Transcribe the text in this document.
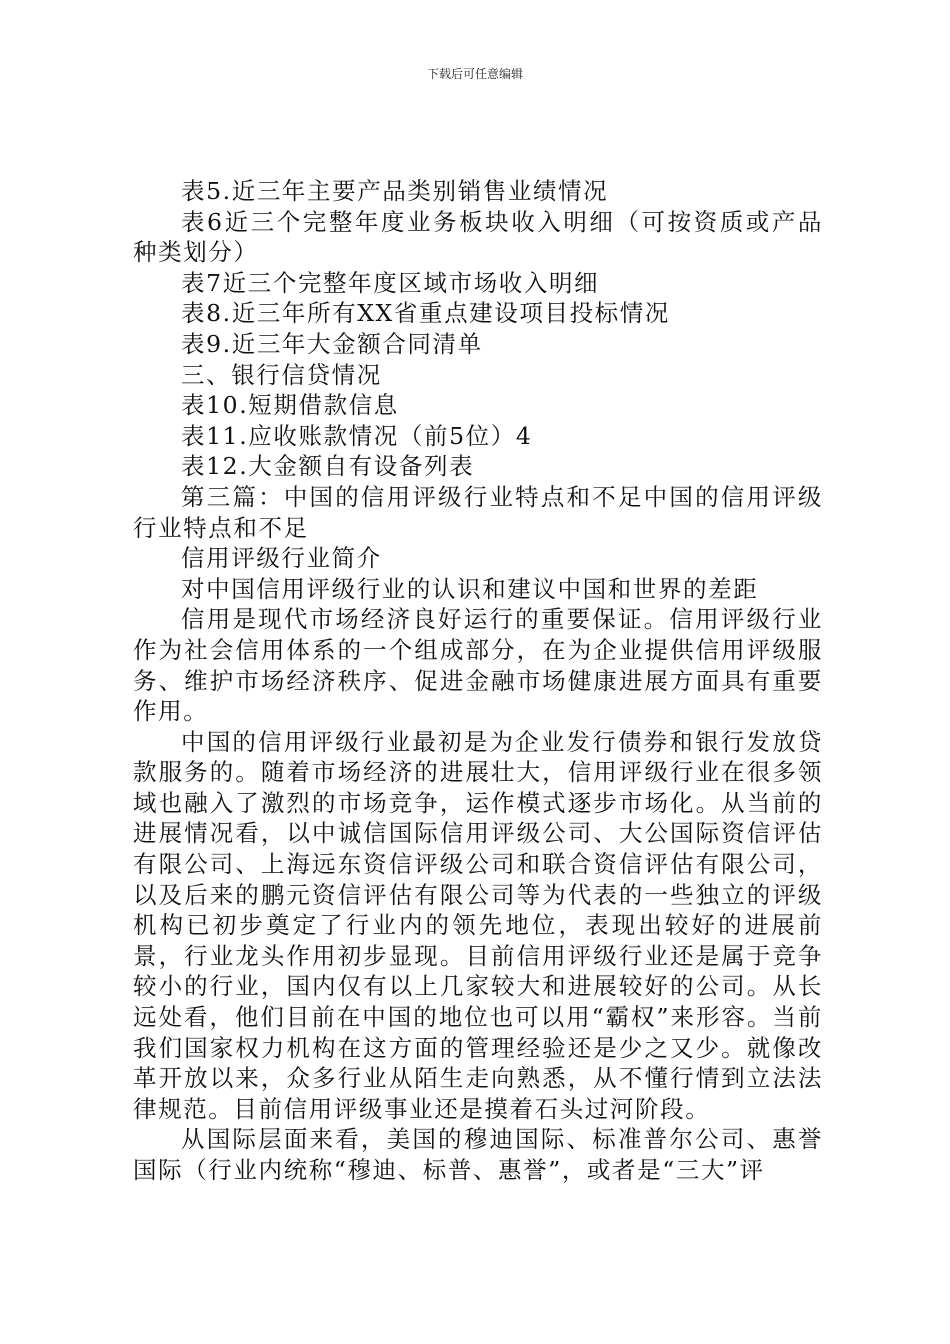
下载后可任意编辑

表5.近三年主要产品类别销售业绩情况

表6近三个完整年度业务板块收入明细（可按资质或产品种类划分）

表7近三个完整年度区域市场收入明细

表8.近三年所有XX省重点建设项目投标情况

表9.近三年大金额合同清单

三、银行信贷情况

表10.短期借款信息

表11.应收账款情况（前5位）4

表12.大金额自有设备列表

第三篇：中国的信用评级行业特点和不足中国的信用评级行业特点和不足

信用评级行业简介

对中国信用评级行业的认识和建议中国和世界的差距

信用是现代市场经济良好运行的重要保证。信用评级行业作为社会信用体系的一个组成部分，在为企业提供信用评级服务、维护市场经济秩序、促进金融市场健康进展方面具有重要作用。

中国的信用评级行业最初是为企业发行债券和银行发放贷款服务的。随着市场经济的进展壮大，信用评级行业在很多领域也融入了激烈的市场竞争，运作模式逐步市场化。从当前的进展情况看，以中诚信国际信用评级公司、大公国际资信评估有限公司、上海远东资信评级公司和联合资信评估有限公司，以及后来的鹏元资信评估有限公司等为代表的一些独立的评级机构已初步奠定了行业内的领先地位，表现出较好的进展前景，行业龙头作用初步显现。目前信用评级行业还是属于竞争较小的行业，国内仅有以上几家较大和进展较好的公司。从长远处看，他们目前在中国的地位也可以用“霸权”来形容。当前我们国家权力机构在这方面的管理经验还是少之又少。就像改革开放以来，众多行业从陌生走向熟悉，从不懂行情到立法法律规范。目前信用评级事业还是摸着石头过河阶段。

从国际层面来看，美国的穆迪国际、标准普尔公司、惠誉国际（行业内统称“穆迪、标普、惠誉”，或者是“三大”评
